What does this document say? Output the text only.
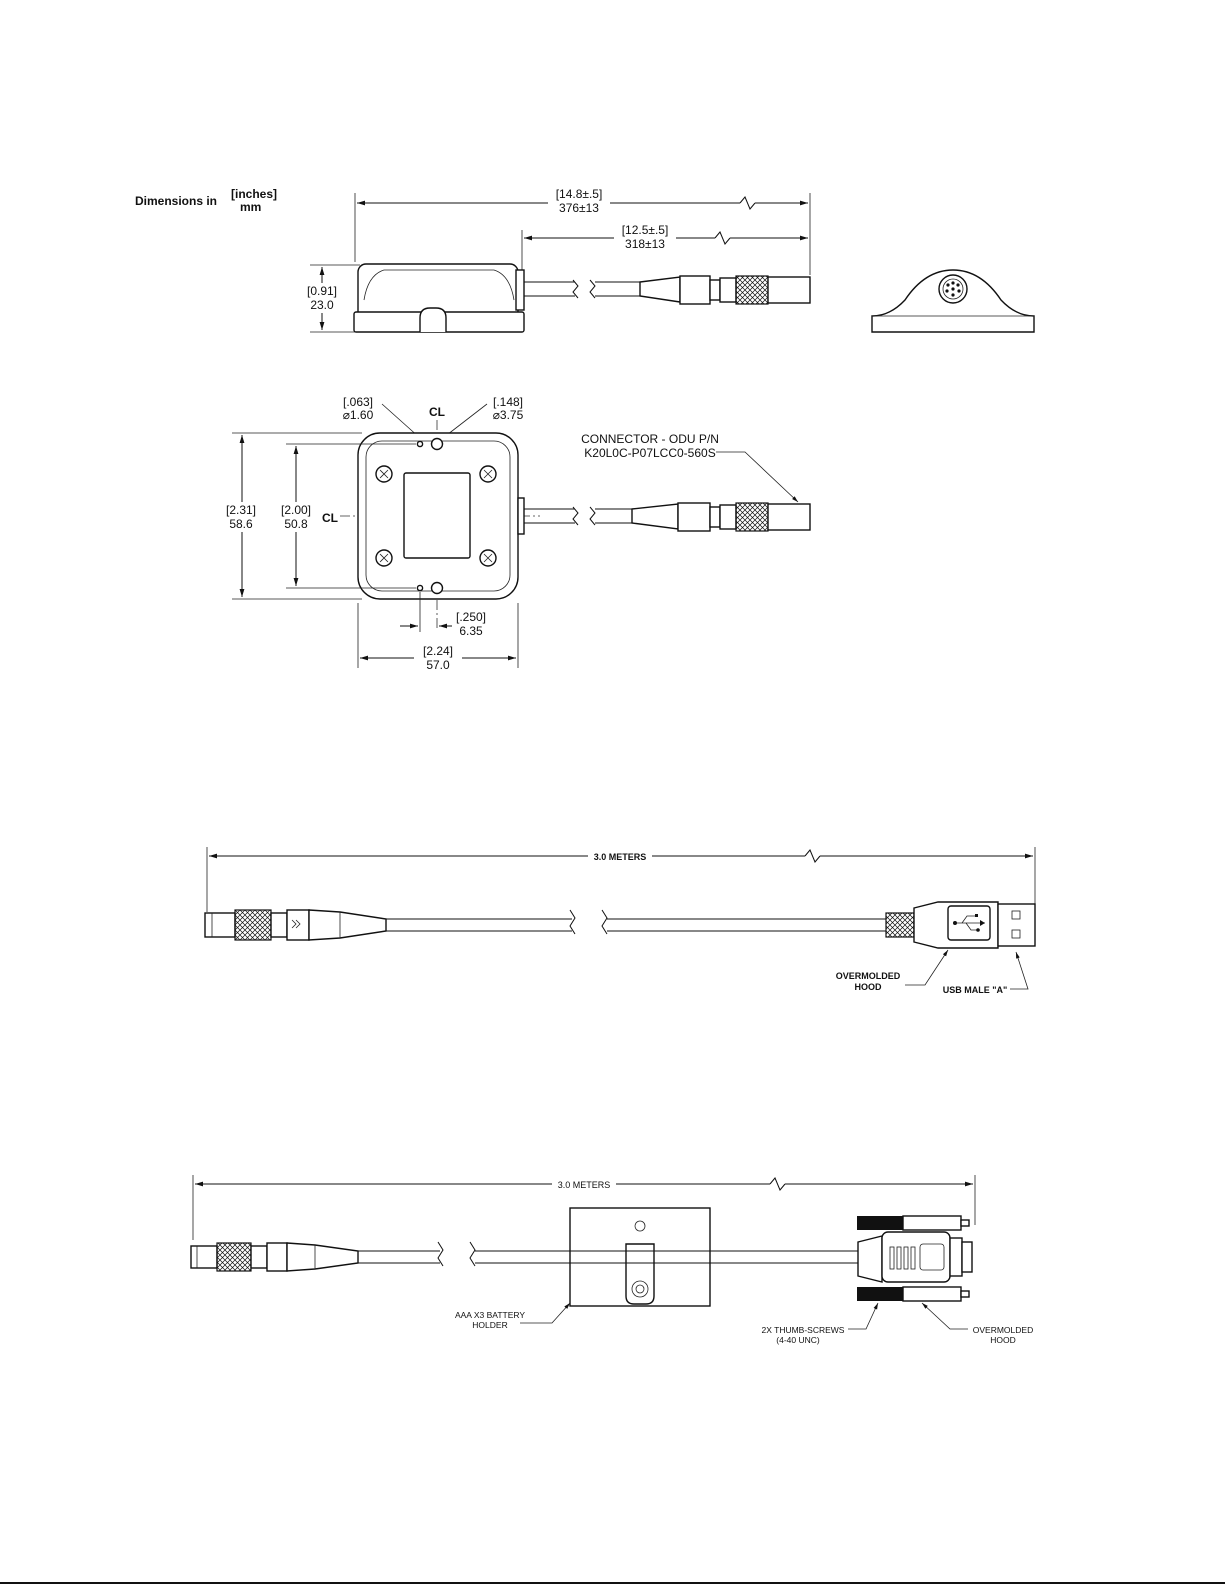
Dimensions in [inches]
mm
[14.8±.5]
376±13
[12.5±.5]
318±13
[0.91]
23.0
[.063]
⌀1.60
[.148]
⌀3.75
CL
CL
[2.31]
58.6
[2.00]
50.8
[.250]
6.35
[2.24]
57.0
CONNECTOR - ODU P/N
K20L0C-P07LCC0-560S
3.0 METERS
OVERMOLDED
HOOD	USB MALE "A"
3.0 METERS
AAA X3 BATTERY
HOLDER	2X THUMB-SCREWS
(4-40 UNC)
OVERMOLDED
HOOD
